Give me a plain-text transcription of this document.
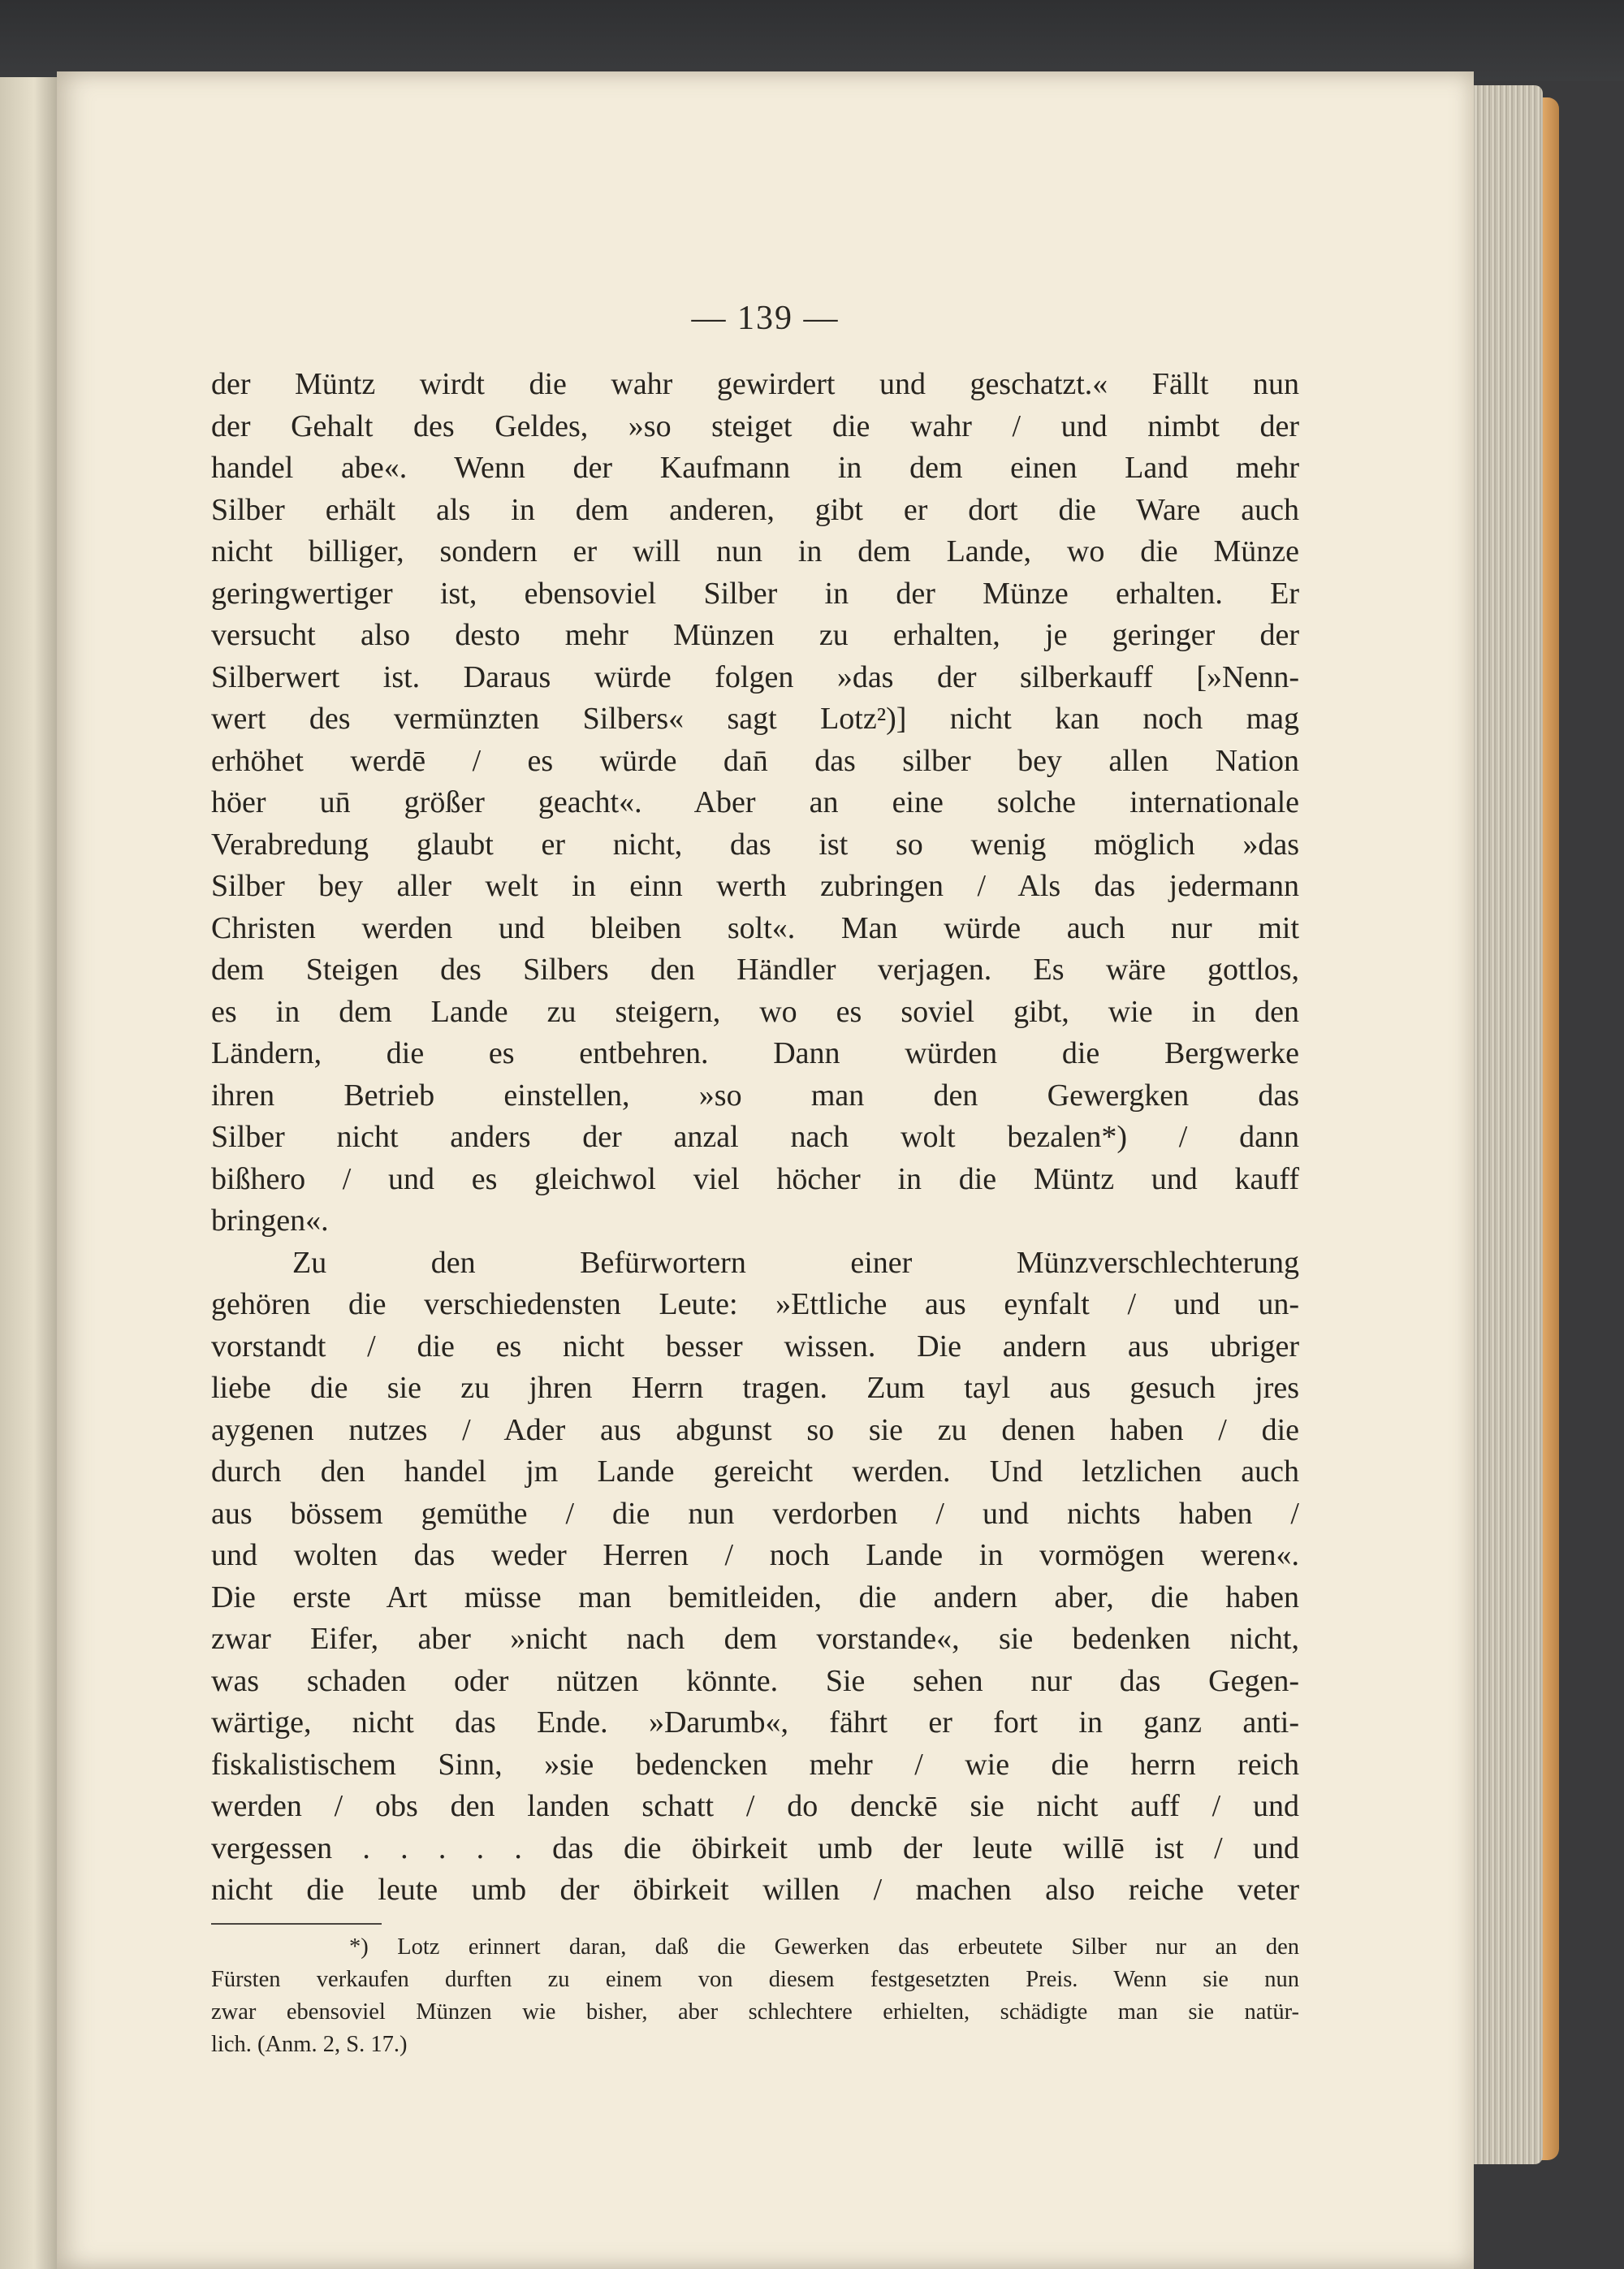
— 139 —

der Müntz wirdt die wahr gewirdert und geschatzt.« Fällt nun

der Gehalt des Geldes, »so steiget die wahr / und nimbt der

handel abe«. Wenn der Kaufmann in dem einen Land mehr

Silber erhält als in dem anderen, gibt er dort die Ware auch

nicht billiger, sondern er will nun in dem Lande, wo die Münze

geringwertiger ist, ebensoviel Silber in der Münze erhalten. Er

versucht also desto mehr Münzen zu erhalten, je geringer der

Silberwert ist. Daraus würde folgen »das der silberkauff [»Nenn-

wert des vermünzten Silbers« sagt Lotz²)] nicht kan noch mag

erhöhet werdē / es würde dan̄ das silber bey allen Nation

höer un̄ größer geacht«. Aber an eine solche internationale

Verabredung glaubt er nicht, das ist so wenig möglich »das

Silber bey aller welt in einn werth zubringen / Als das jedermann

Christen werden und bleiben solt«. Man würde auch nur mit

dem Steigen des Silbers den Händler verjagen. Es wäre gottlos,

es in dem Lande zu steigern, wo es soviel gibt, wie in den

Ländern, die es entbehren. Dann würden die Bergwerke

ihren Betrieb einstellen, »so man den Gewergken das

Silber nicht anders der anzal nach wolt bezalen*) / dann

bißhero / und es gleichwol viel höcher in die Müntz und kauff

bringen«.

Zu den Befürwortern einer Münzverschlechterung

gehören die verschiedensten Leute: »Ettliche aus eynfalt / und un-

vorstandt / die es nicht besser wissen. Die andern aus ubriger

liebe die sie zu jhren Herrn tragen. Zum tayl aus gesuch jres

aygenen nutzes / Ader aus abgunst so sie zu denen haben / die

durch den handel jm Lande gereicht werden. Und letzlichen auch

aus bössem gemüthe / die nun verdorben / und nichts haben /

und wolten das weder Herren / noch Lande in vormögen weren«.

Die erste Art müsse man bemitleiden, die andern aber, die haben

zwar Eifer, aber »nicht nach dem vorstande«, sie bedenken nicht,

was schaden oder nützen könnte. Sie sehen nur das Gegen-

wärtige, nicht das Ende. »Darumb«, fährt er fort in ganz anti-

fiskalistischem Sinn, »sie bedencken mehr / wie die herrn reich

werden / obs den landen schatt / do denckē sie nicht auff / und

vergessen . . . . . das die öbirkeit umb der leute willē ist / und

nicht die leute umb der öbirkeit willen / machen also reiche veter

*) Lotz erinnert daran, daß die Gewerken das erbeutete Silber nur an den

Fürsten verkaufen durften zu einem von diesem festgesetzten Preis. Wenn sie nun

zwar ebensoviel Münzen wie bisher, aber schlechtere erhielten, schädigte man sie natür-

lich. (Anm. 2, S. 17.)
